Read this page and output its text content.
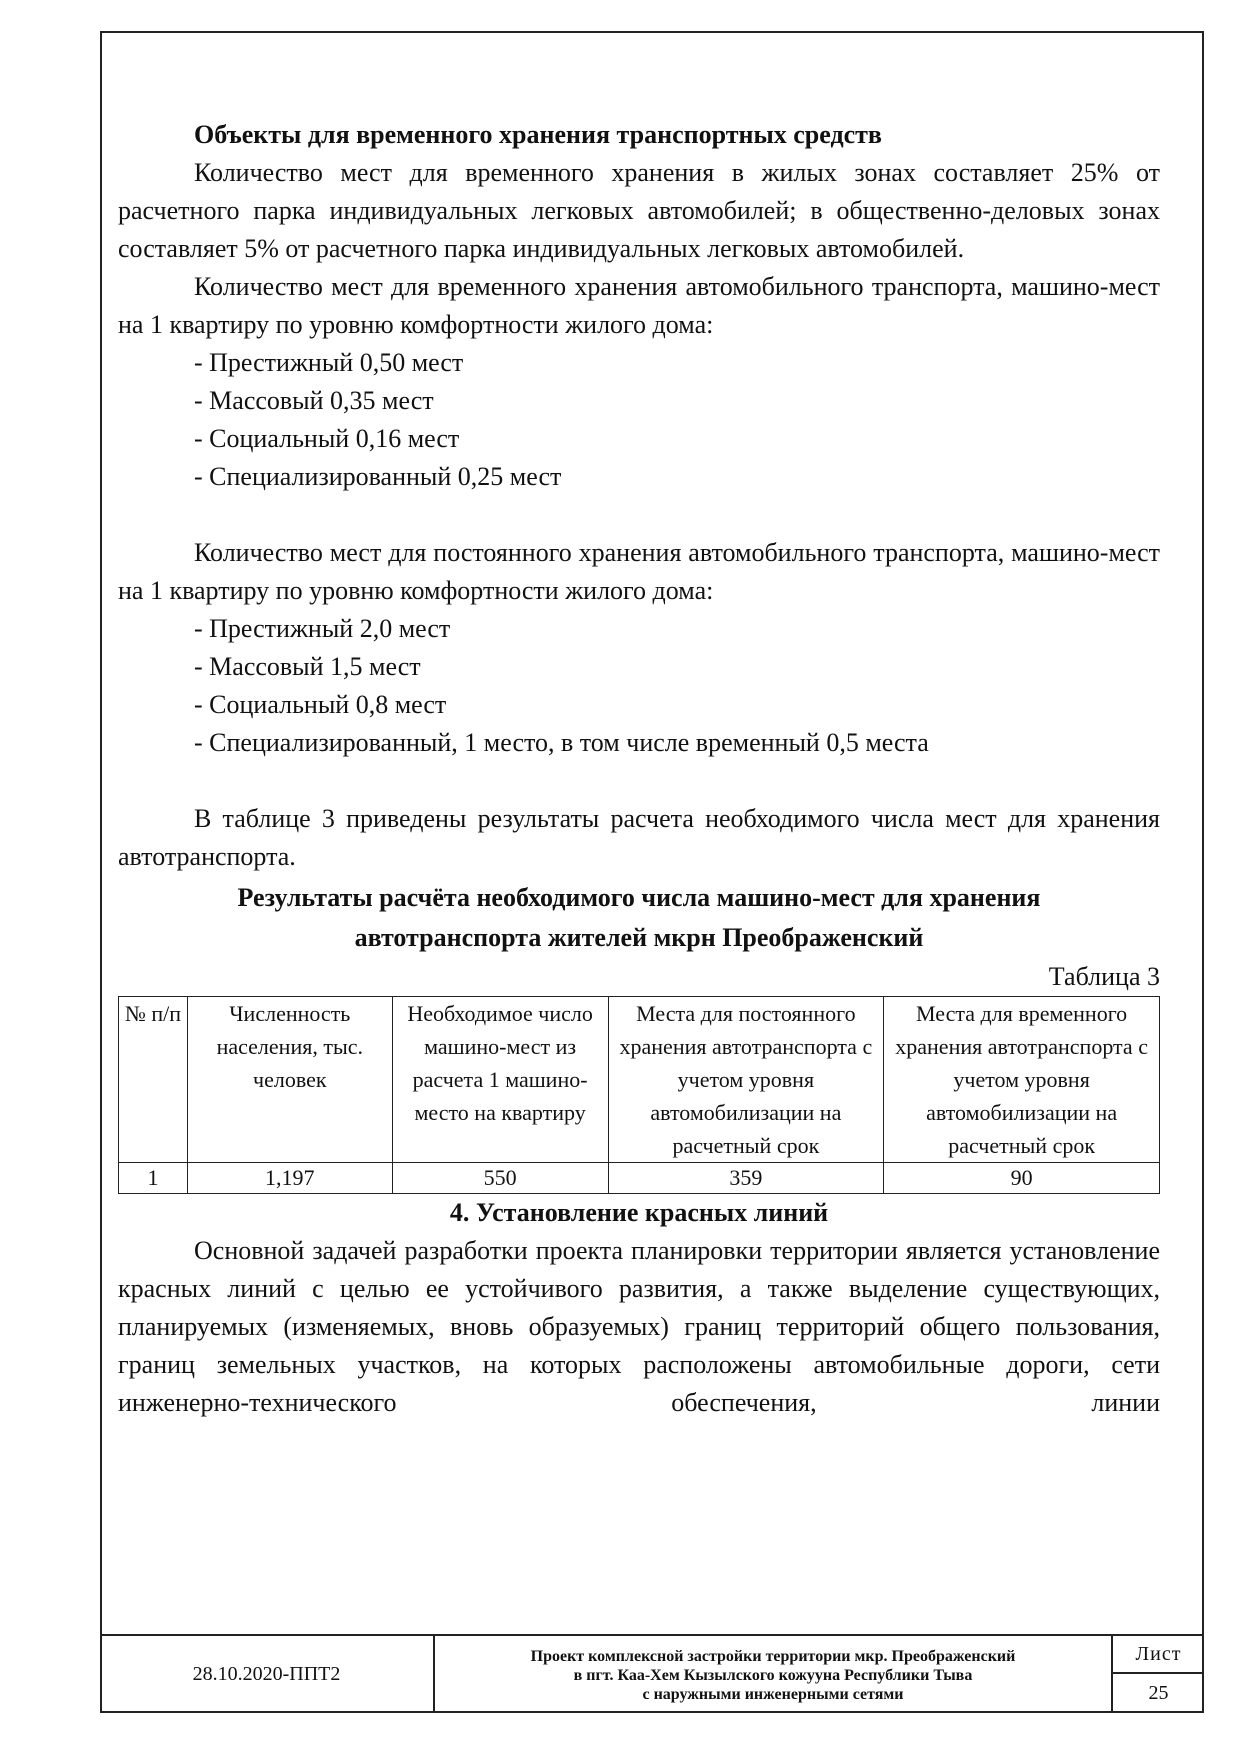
Объекты для временного хранения транспортных средств

Количество мест для временного хранения в жилых зонах составляет 25% от расчетного парка индивидуальных легковых автомобилей; в общественно-деловых зонах составляет 5% от расчетного парка индивидуальных легковых автомобилей.

Количество мест для временного хранения автомобильного транспорта, машино-мест на 1 квартиру по уровню комфортности жилого дома:

- Престижный 0,50 мест

- Массовый 0,35 мест

- Социальный 0,16 мест

- Специализированный 0,25 мест

Количество мест для постоянного хранения автомобильного транспорта, машино-мест на 1 квартиру по уровню комфортности жилого дома:

- Престижный 2,0 мест

- Массовый 1,5 мест

- Социальный 0,8 мест

- Специализированный, 1 место, в том числе временный 0,5 места

В таблице 3 приведены результаты расчета необходимого числа мест для хранения автотранспорта.

Результаты расчёта необходимого числа машино-мест для хранения
автотранспорта жителей мкрн Преображенский

Таблица 3

№ п/п	Численность населения, тыс. человек	Необходимое число машино-мест из расчета 1 машино-место на квартиру	Места для постоянного хранения автотранспорта с учетом уровня автомобилизации на расчетный срок	Места для временного хранения автотранспорта с учетом уровня автомобилизации на расчетный срок
1	1,197	550	359	90

4. Установление красных линий

Основной задачей разработки проекта планировки территории является установление красных линий с целью ее устойчивого развития, а также выделение существующих, планируемых (изменяемых, вновь образуемых) границ территорий общего пользования, границ земельных участков, на которых расположены автомобильные дороги, сети инженерно-технического обеспечения, линии

28.10.2020-ППТ2
Проект комплексной застройки территории мкр. Преображенский
в пгт. Каа-Хем Кызылского кожууна Республики Тыва
с наружными инженерными сетями
Лист
25
